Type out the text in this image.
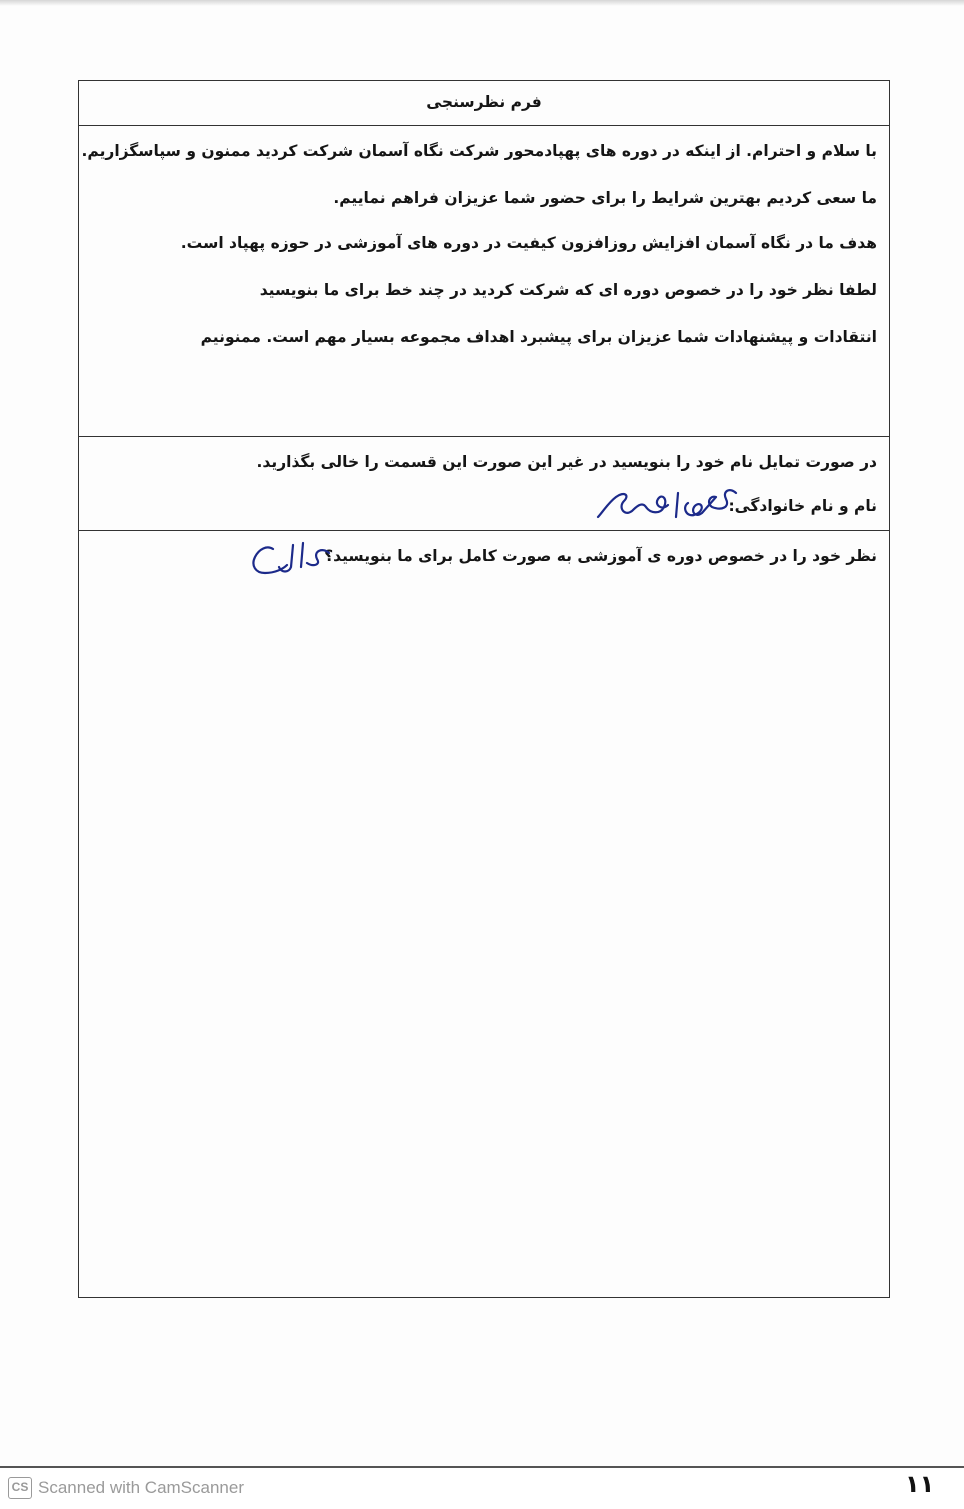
فرم نظرسنجی
با سلام و احترام. از اینکه در دوره های پهپادمحور شرکت نگاه آسمان شرکت کردید ممنون و سپاسگزاریم.
ما سعی کردیم بهترین شرایط را برای حضور شما عزیزان فراهم نماییم.
هدف ما در نگاه آسمان افزایش روزافزون کیفیت در دوره های آموزشی در حوزه پهپاد است.
لطفا نظر خود را در خصوص دوره ای که شرکت کردید در چند خط برای ما بنویسید
انتقادات و پیشنهادات شما عزیزان برای پیشبرد اهداف مجموعه بسیار مهم است. ممنونیم
در صورت تمایل نام خود را بنویسید در غیر این صورت این قسمت را خالی بگذارید.
نام و نام خانوادگی:
نظر خود را در خصوص دوره ی آموزشی به صورت کامل برای ما بنویسید؟
۱۱
CS Scanned with CamScanner
